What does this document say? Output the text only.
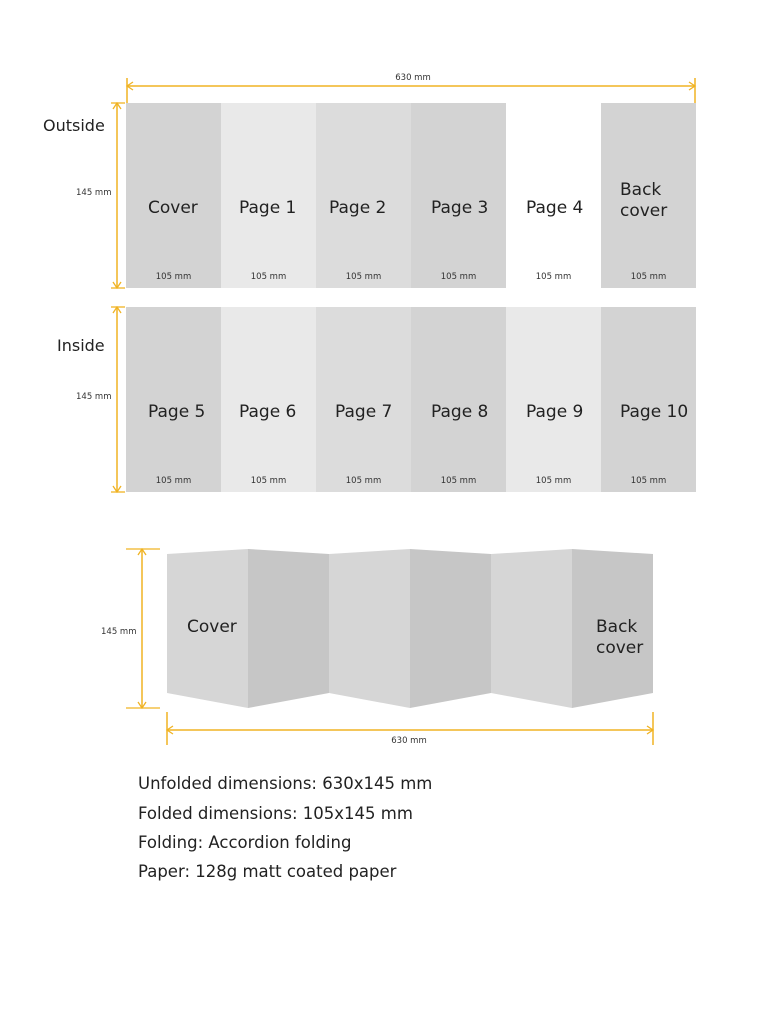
630 mm
Outside
145 mm
Cover
105 mm
Page 1
105 mm
Page 2
105 mm
Page 3
105 mm
Page 4
105 mm
Back
cover
105 mm
Inside
145 mm
Page 5
105 mm
Page 6
105 mm
Page 7
105 mm
Page 8
105 mm
Page 9
105 mm
Page 10
105 mm
Cover	Back
cover
145 mm
630 mm
Unfolded dimensions: 630x145 mm
Folded dimensions: 105x145 mm
Folding: Accordion folding
Paper: 128g matt coated paper
